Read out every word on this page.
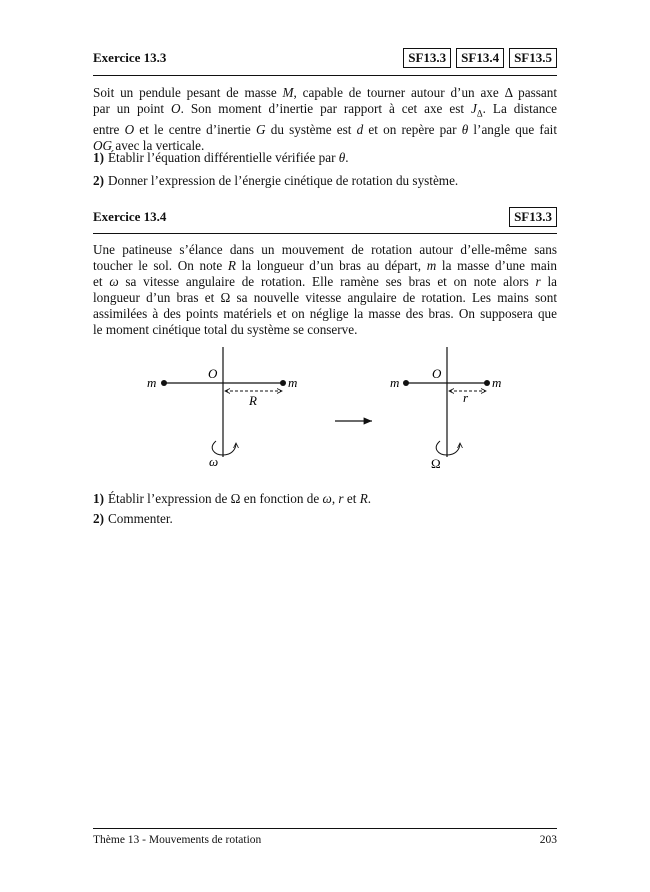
Exercice 13.3	SF13.3	SF13.4	SF13.5
Soit un pendule pesant de masse M, capable de tourner autour d’un axe Δ passant
par un point O. Son moment d’inertie par rapport à cet axe est $J_\Delta$. La distance
entre O et le centre d’inertie G du système est d et on repère par θ l’angle que fait
OG avec la verticale.
1) Établir l’équation différentielle vérifiée par θ.
2) Donner l’expression de l’énergie cinétique de rotation du système.
Exercice 13.4	SF13.3
Une patineuse s’élance dans un mouvement de rotation autour d’elle-même sans
toucher le sol. On note R la longueur d’un bras au départ, m la masse d’une main
et ω sa vitesse angulaire de rotation. Elle ramène ses bras et on note alors r la
longueur d’un bras et Ω sa nouvelle vitesse angulaire de rotation. Les mains sont
assimilées à des points matériels et on néglige la masse des bras. On supposera que
le moment cinétique total du système se conserve.
m	m
O
R
ω
m	m
O
r
Ω
1) Établir l’expression de Ω en fonction de ω, r et R.
2) Commenter.
Thème 13 - Mouvements de rotation	203
